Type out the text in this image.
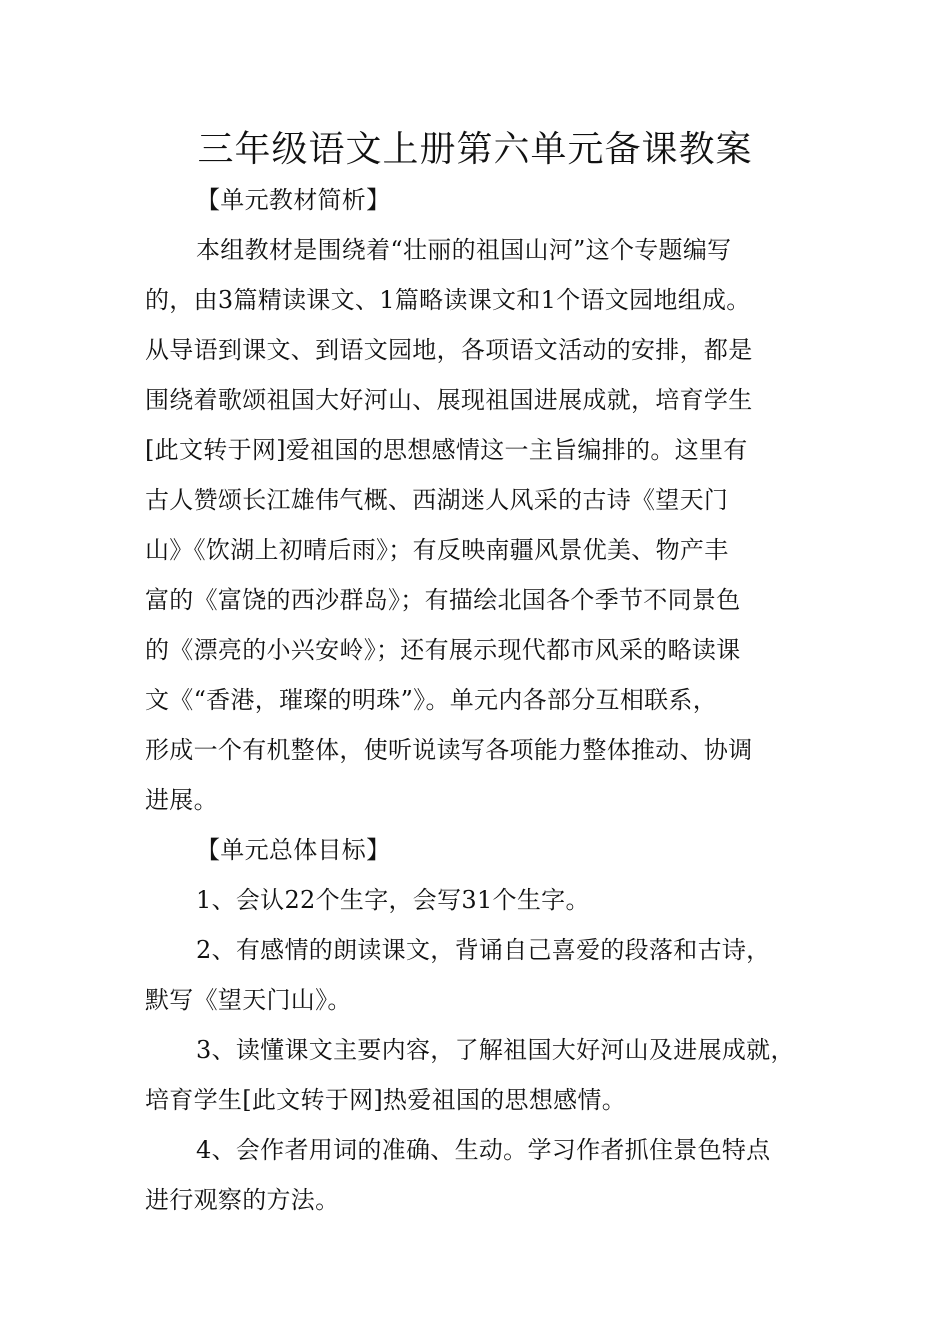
三年级语文上册第六单元备课教案
【单元教材简析】
本组教材是围绕着“壮丽的祖国山河”这个专题编写
的，由3篇精读课文、1篇略读课文和1个语文园地组成。
从导语到课文、到语文园地，各项语文活动的安排，都是
围绕着歌颂祖国大好河山、展现祖国进展成就，培育学生
[此文转于网]爱祖国的思想感情这一主旨编排的。这里有
古人赞颂长江雄伟气概、西湖迷人风采的古诗《望天门
山》《饮湖上初晴后雨》；有反映南疆风景优美、物产丰
富的《富饶的西沙群岛》；有描绘北国各个季节不同景色
的《漂亮的小兴安岭》；还有展示现代都市风采的略读课
文《“香港，璀璨的明珠”》。单元内各部分互相联系，
形成一个有机整体，使听说读写各项能力整体推动、协调
进展。
【单元总体目标】
1、会认22个生字，会写31个生字。
2、有感情的朗读课文，背诵自己喜爱的段落和古诗，
默写《望天门山》。
3、读懂课文主要内容，了解祖国大好河山及进展成就，
培育学生[此文转于网]热爱祖国的思想感情。
4、会作者用词的准确、生动。学习作者抓住景色特点
进行观察的方法。
